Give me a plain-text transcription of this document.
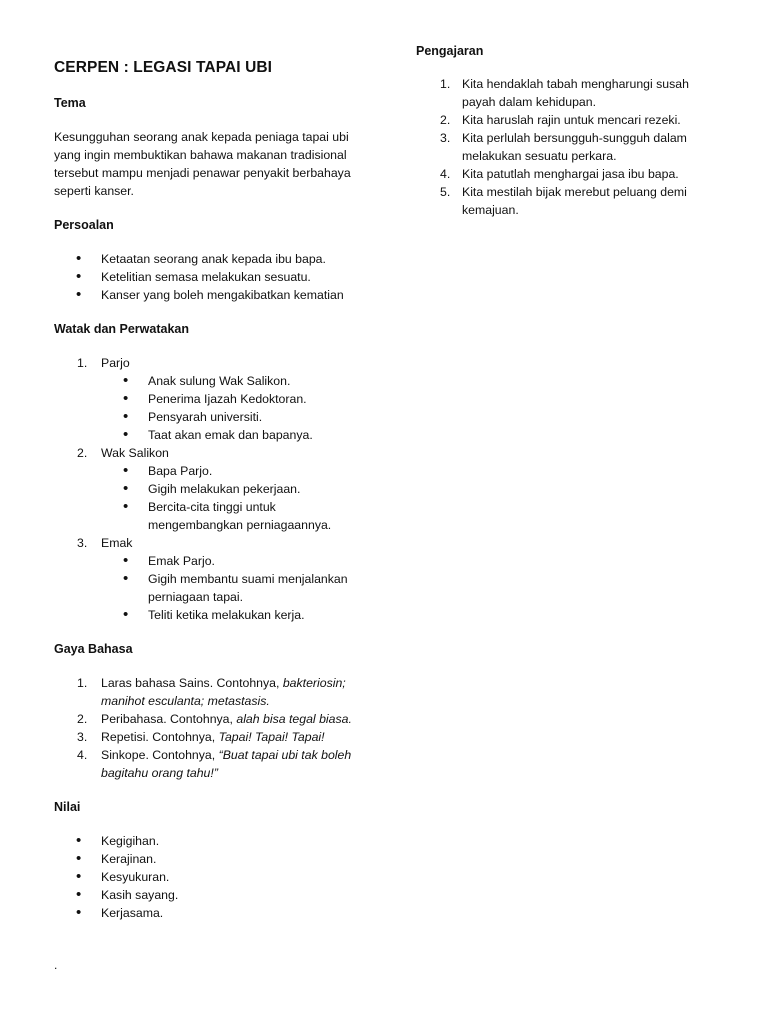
CERPEN : LEGASI TAPAI UBI
Tema

Kesungguhan seorang anak kepada peniaga tapai ubi yang ingin membuktikan bahawa makanan tradisional tersebut mampu menjadi penawar penyakit berbahaya seperti kanser.

Persoalan
• Ketaatan seorang anak kepada ibu bapa.
• Ketelitian semasa melakukan sesuatu.
• Kanser yang boleh mengakibatkan kematian
Watak dan Perwatakan
1. Parjo
• Anak sulung Wak Salikon.
• Penerima Ijazah Kedoktoran.
• Pensyarah universiti.
• Taat akan emak dan bapanya.
2. Wak Salikon
• Bapa Parjo.
• Gigih melakukan pekerjaan.
• Bercita-cita tinggi untuk mengembangkan perniagaannya.
3. Emak
• Emak Parjo.
• Gigih membantu suami menjalankan perniagaan tapai.
• Teliti ketika melakukan kerja.
Gaya Bahasa
1. Laras bahasa Sains. Contohnya, bakteriosin; manihot esculanta; metastasis.
2. Peribahasa. Contohnya, alah bisa tegal biasa.
3. Repetisi. Contohnya, Tapai! Tapai! Tapai!
4. Sinkope. Contohnya, “Buat tapai ubi tak boleh bagitahu orang tahu!”
Nilai
• Kegigihan.
• Kerajinan.
• Kesyukuran.
• Kasih sayang.
• Kerjasama.
Pengajaran
1. Kita hendaklah tabah mengharungi susah payah dalam kehidupan.
2. Kita haruslah rajin untuk mencari rezeki.
3. Kita perlulah bersungguh-sungguh dalam melakukan sesuatu perkara.
4. Kita patutlah menghargai jasa ibu bapa.
5. Kita mestilah bijak merebut peluang demi kemajuan.
.
